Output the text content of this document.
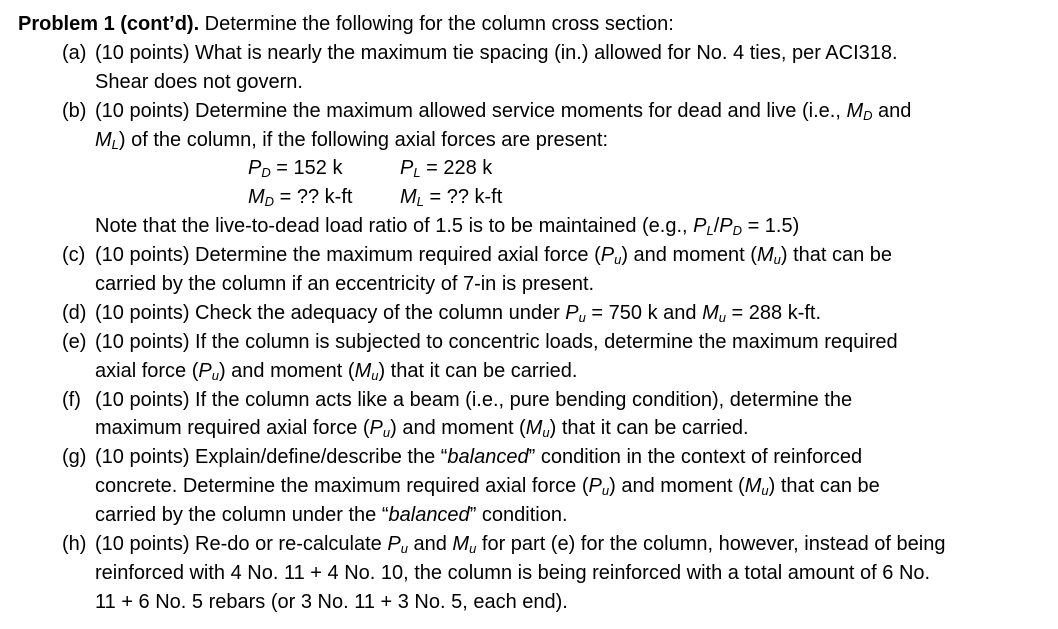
Problem 1 (cont’d). Determine the following for the column cross section:
(a) (10 points) What is nearly the maximum tie spacing (in.) allowed for No. 4 ties, per ACI318.
Shear does not govern.
(b) (10 points) Determine the maximum allowed service moments for dead and live (i.e., $M_D$ and
$M_L$) of the column, if the following axial forces are present:
$P_D = 152$ k	$P_L = 228$ k
$M_D$ = ?? k-ft $M_L$ = ?? k-ft
Note that the live-to-dead load ratio of 1.5 is to be maintained (e.g., $P_L/P_D = 1.5$)
(c) (10 points) Determine the maximum required axial force $(P_u)$ and moment $(M_u)$ that can be
carried by the column if an eccentricity of 7-in is present.
(d) (10 points) Check the adequacy of the column under $P_u = 750$ k and $M_u = 288$ k-ft.
(e) (10 points) If the column is subjected to concentric loads, determine the maximum required
axial force $(P_u)$ and moment $(M_u)$ that it can be carried.
(f) (10 points) If the column acts like a beam (i.e., pure bending condition), determine the
maximum required axial force $(P_u)$ and moment $(M_u)$ that it can be carried.
(g) (10 points) Explain/define/describe the “balanced” condition in the context of reinforced
concrete. Determine the maximum required axial force $(P_u)$ and moment $(M_u)$ that can be
carried by the column under the “balanced” condition.
(h) (10 points) Re-do or re-calculate $P_u$ and $M_u$ for part (e) for the column, however, instead of being
reinforced with 4 No. 11 + 4 No. 10, the column is being reinforced with a total amount of 6 No.
11 + 6 No. 5 rebars (or 3 No. 11 + 3 No. 5, each end).
